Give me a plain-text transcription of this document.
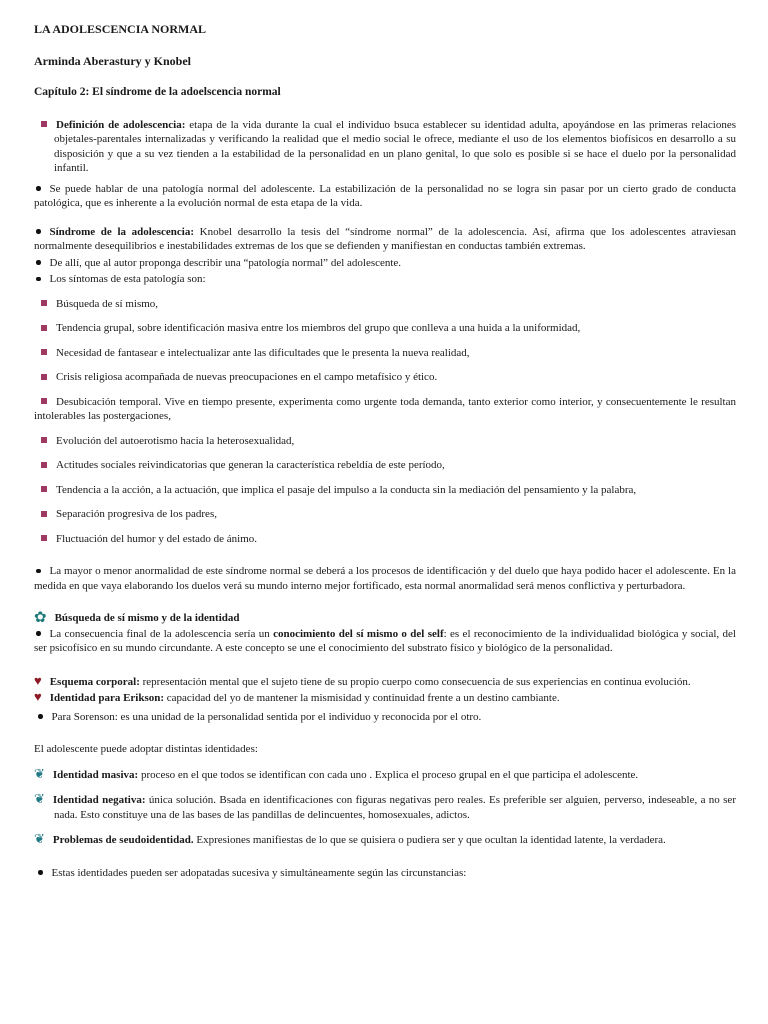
LA ADOLESCENCIA NORMAL
Arminda Aberastury y Knobel
Capítulo 2: El síndrome de la adoelscencia normal

Definición de adolescencia: etapa de la vida durante la cual el individuo bsuca establecer su identidad adulta, apoyándose en las primeras relaciones objetales-parentales internalizadas y verificando la realidad que el medio social le ofrece, mediante el uso de los elementos biofísicos en desarrollo a su disposición y que a su vez tienden a la estabilidad de la personalidad en un plano genital, lo que solo es posible si se hace el duelo por la personalidad infantil.

Se puede hablar de una patología normal del adolescente. La estabilización de la personalidad no se logra sin pasar por un cierto grado de conducta patológica, que es inherente a la evolución normal de esta etapa de la vida.

Síndrome de la adolescencia: Knobel desarrollo la tesis del “síndrome normal” de la adolescencia. Así, afirma que los adolescentes atraviesan normalmente desequilibrios e inestabilidades extremas de los que se defienden y manifiestan en conductas también extremas.

De allí, que al autor proponga describir una “patología normal” del adolescente.

Los síntomas de esta patología son:

Búsqueda de sí mismo,

Tendencia grupal, sobre identificación masiva entre los miembros del grupo que conlleva a una huida a la uniformidad,

Necesidad de fantasear e intelectualizar ante las dificultades que le presenta la nueva realidad,

Crisis religiosa acompañada de nuevas preocupaciones en el campo metafísico y ético.

Desubicación temporal. Vive en tiempo presente, experimenta como urgente toda demanda, tanto exterior como interior, y consecuentemente le resultan intolerables las postergaciones,

Evolución del autoerotismo hacia la heterosexualidad,

Actitudes sociales reivindicatorias que generan la característica rebeldía de este período,

Tendencia a la acción, a la actuación, que implica el pasaje del impulso a la conducta sin la mediación del pensamiento y la palabra,

Separación progresiva de los padres,

Fluctuación del humor y del estado de ánimo.

La mayor o menor anormalidad de este síndrome normal se deberá a los procesos de identificación y del duelo que haya podido hacer el adolescente. En la medida en que vaya elaborando los duelos verá su mundo interno mejor fortificado, esta normal anormalidad será menos conflictiva y perturbadora.

✿ Búsqueda de sí mismo y de la identidad

La consecuencia final de la adolescencia sería un conocimiento del sí mismo o del self: es el reconocimiento de la individualidad biológica y social, del ser psicofísico en su mundo circundante. A este concepto se une el conocimiento del substrato físico y biológico de la personalidad.

♥ Esquema corporal: representación mental que el sujeto tiene de su propio cuerpo como consecuencia de sus experiencias en continua evolución.

♥ Identidad para Erikson: capacidad del yo de mantener la mismisidad y continuidad frente a un destino cambiante.

Para Sorenson: es una unidad de la personalidad sentida por el individuo y reconocida por el otro.

El adolescente puede adoptar distintas identidades:

❦ Identidad masiva: proceso en el que todos se identifican con cada uno . Explica el proceso grupal en el que participa el adolescente.

❦ Identidad negativa: única solución. Bsada en identificaciones con figuras negativas pero reales. Es preferible ser alguien, perverso, indeseable, a no ser nada. Esto constituye una de las bases de las pandillas de delincuentes, homosexuales, adictos.

❦ Problemas de seudoidentidad. Expresiones manifiestas de lo que se quisiera o pudiera ser y que ocultan la identidad latente, la verdadera.

Estas identidades pueden ser adopatadas sucesiva y simultáneamente según las circunstancias:
